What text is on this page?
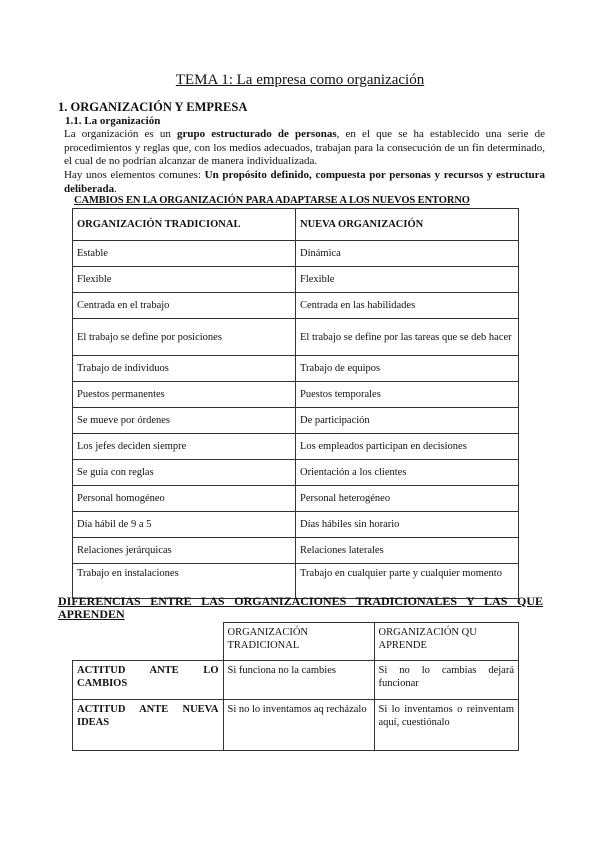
TEMA 1: La empresa como organización
1. ORGANIZACIÓN Y EMPRESA
1.1. La organización
La organización es un grupo estructurado de personas, en el que se ha establecido una serie de procedimientos y reglas que, con los medios adecuados, trabajan para la consecución de un fin determinado, el cual de no podrían alcanzar de manera individualizada.
Hay unos elementos comunes: Un propósito definido, compuesta por personas y recursos y estructura deliberada.
CAMBIOS EN LA ORGANIZACIÓN PARA ADAPTARSE A LOS NUEVOS ENTORNO
ORGANIZACIÓN TRADICIONAL	NUEVA ORGANIZACIÓN
Estable	Dinámica
Flexible	Flexible
Centrada en el trabajo	Centrada en las habilidades
El trabajo se define por posiciones	El trabajo se define por las tareas que se deb hacer
Trabajo de individuos	Trabajo de equipos
Puestos permanentes	Puestos temporales
Se mueve por órdenes	De participación
Los jefes deciden siempre	Los empleados participan en decisiones
Se guía con reglas	Orientación a los clientes
Personal homogéneo	Personal heterogéneo
Día hábil de 9 a 5	Días hábiles sin horario
Relaciones jerárquicas	Relaciones laterales
Trabajo en instalaciones	Trabajo en cualquier parte y cualquier momento
DIFERENCIAS ENTRE LAS ORGANIZACIONES TRADICIONALES Y LAS QUE
APRENDEN
	ORGANIZACIÓN TRADICIONAL	ORGANIZACIÓN QU APRENDE
ACTITUD ANTE LO CAMBIOS	Si funciona no la cambies	Si no lo cambias dejará funcionar
ACTITUD ANTE NUEVA IDEAS	Si no lo inventamos aq recházalo	Si lo inventamos o reinventam aquí, cuestiónalo
